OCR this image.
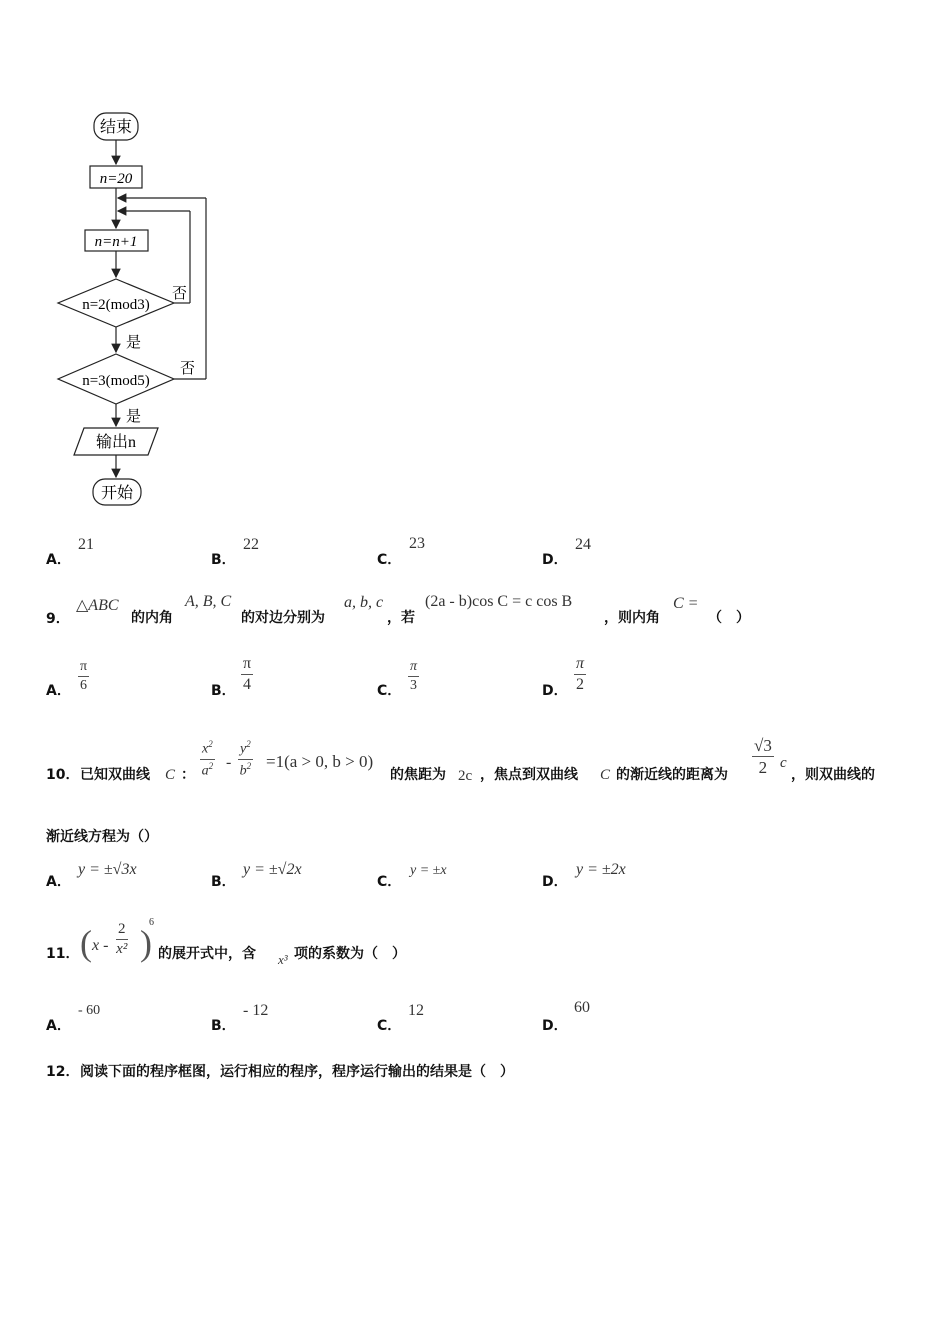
结束
n=20
n=n+1
n=2(mod3)
否
是
n=3(mod5)
否
是
输出n
开始
A．
21
B．
22
C．
23
D．
24
9．
△ABC
的内角
A, B, C
的对边分别为
a, b, c
，若
(2a - b)cos C = c cos B
，则内角
C =
（　）
A． $\frac{\pi}{6}$	B． $\frac{\pi}{4}$	C． $\frac{\pi}{3}$	D． $\frac{\pi}{2}$
10． 已知双曲线 C ： $\frac{x^2}{a^2} - \frac{y^2}{b^2} =1(a > 0$, b > 0)
的焦距为 2c ，焦点到双曲线 C 的渐近线的距离为 $\frac{√3}{2}$ c
，则双曲线的
渐近线方程为（）
A．
y = ±√3x
B．
y = ±√2x
C．
y = ±x
D．
y = ±2x
11． ( x - $\frac{2}{\text{x²}}$ )
6
的展开式中，含 x³ 项的系数为（　）
A．
- 60
B．
- 12
C．
12
D．
60
12． 阅读下面的程序框图，运行相应的程序，程序运行输出的结果是（　）
